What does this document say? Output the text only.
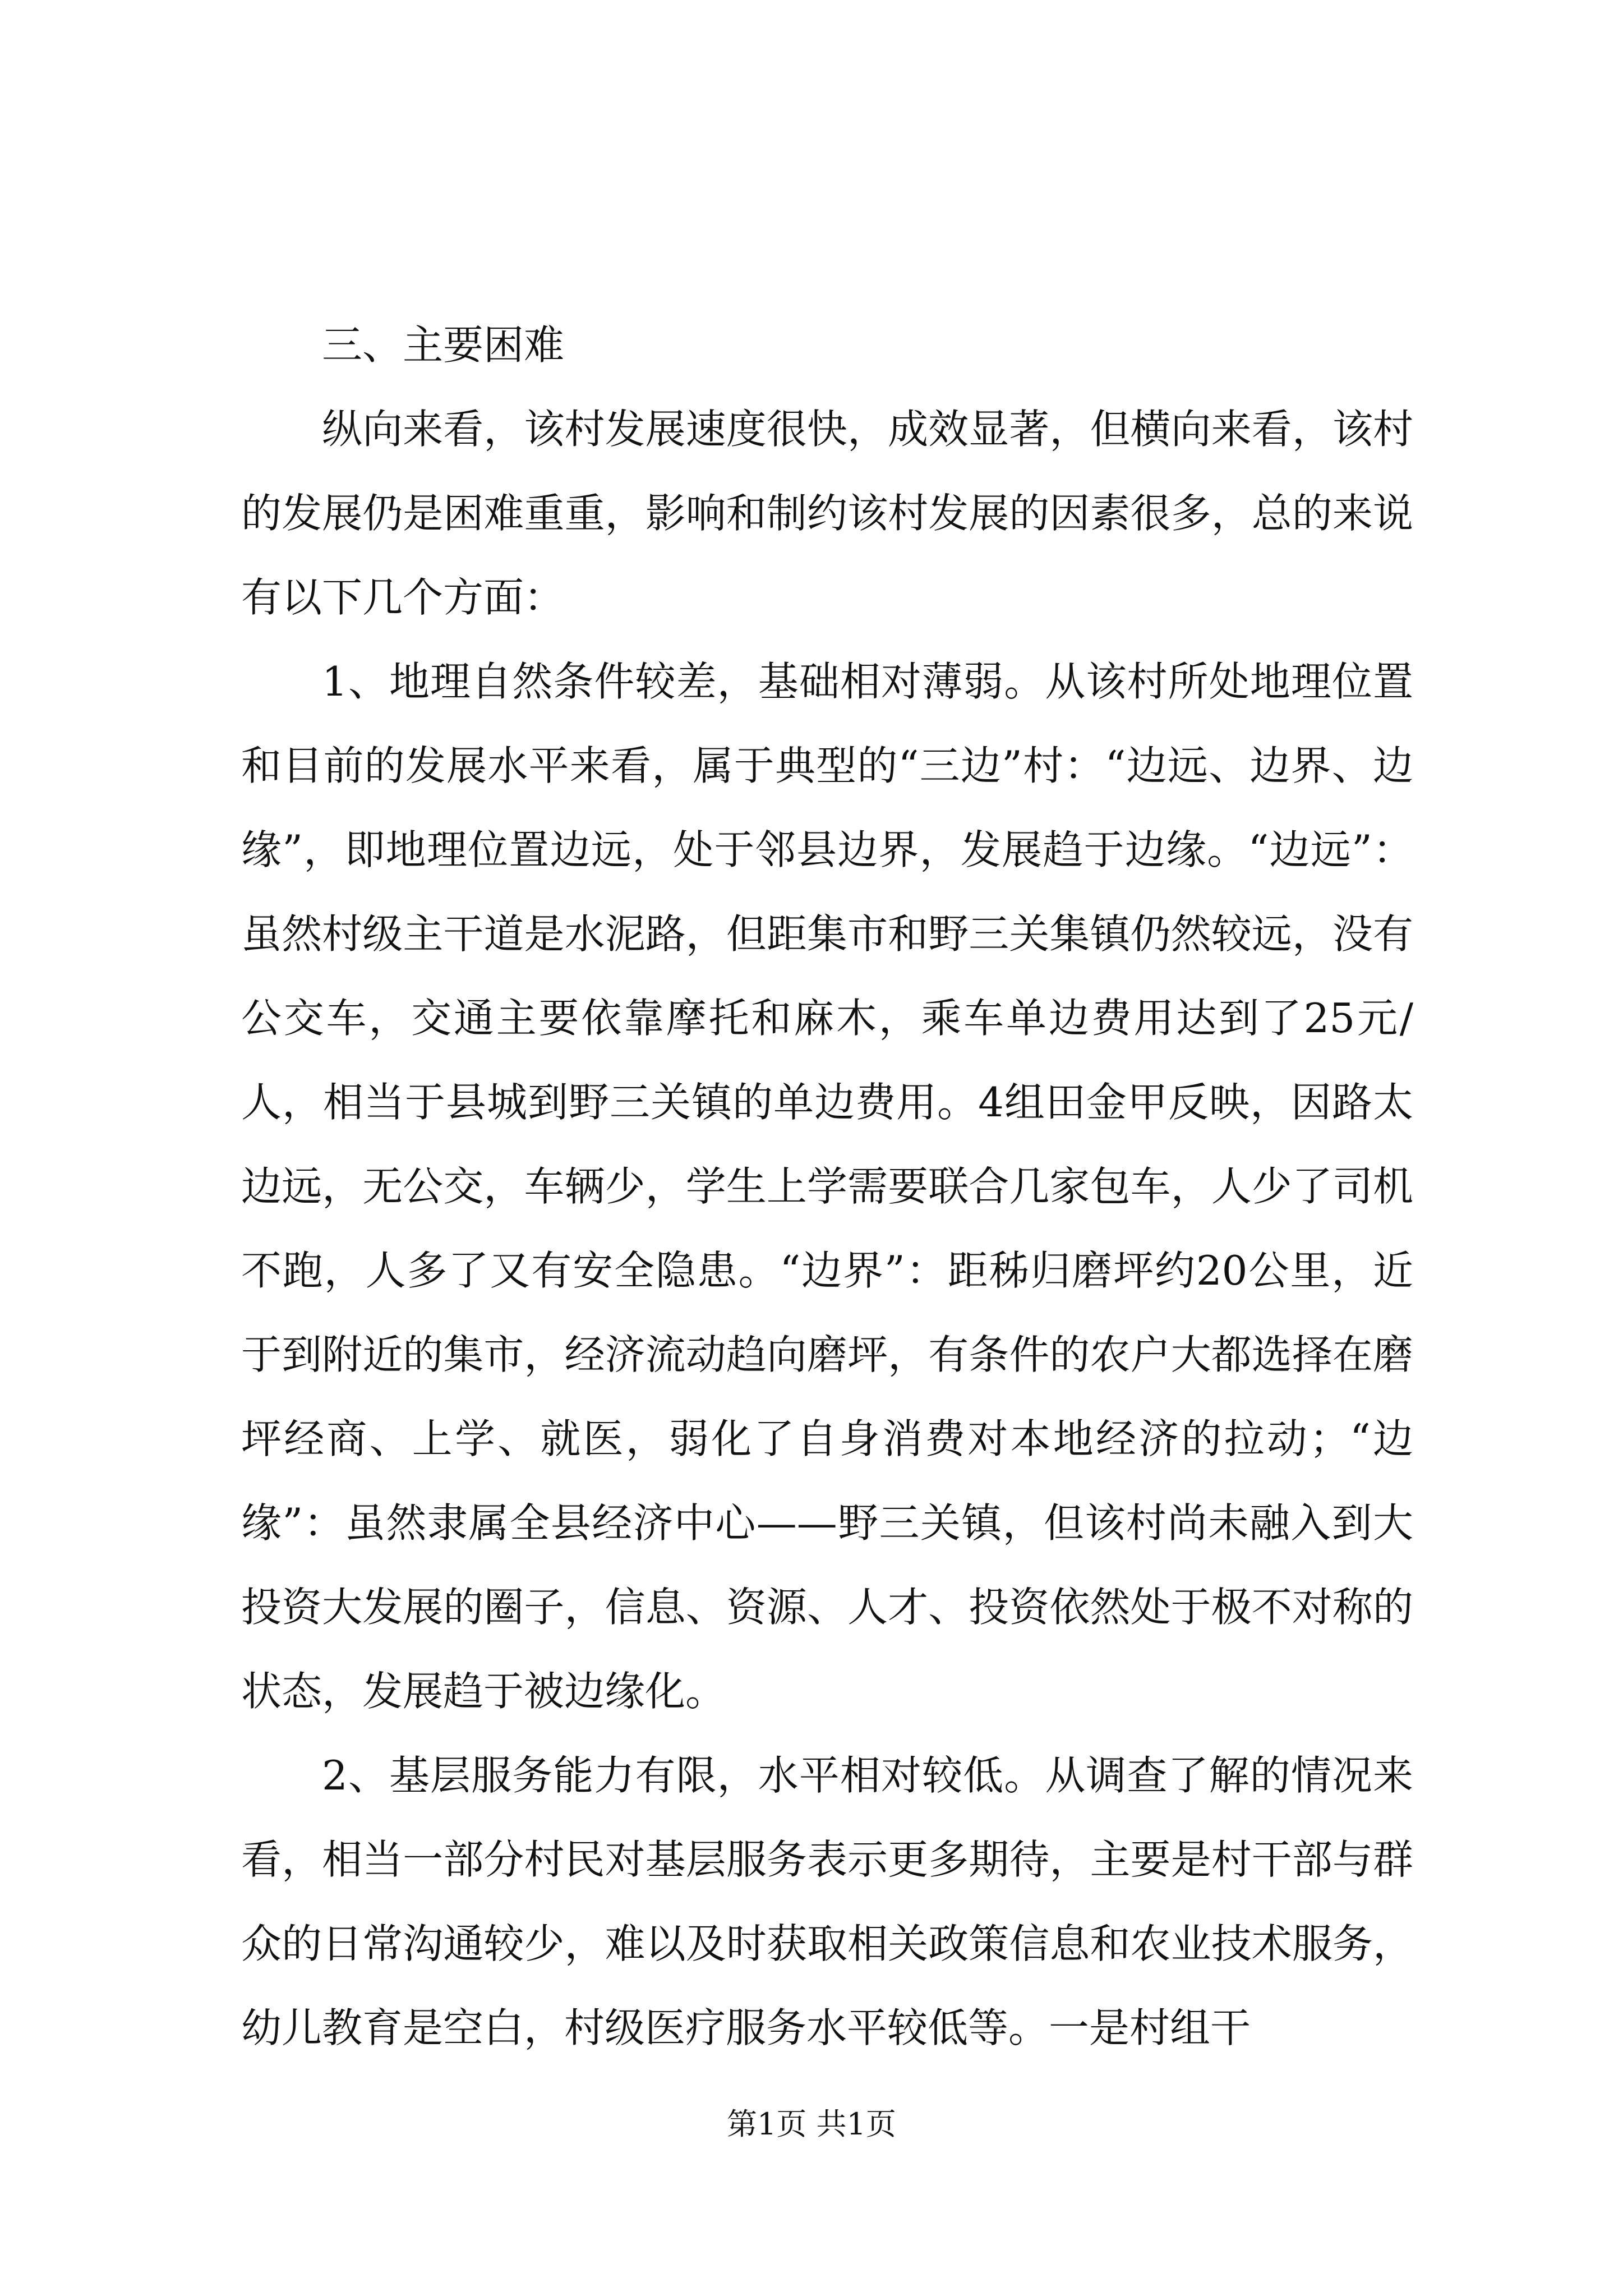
三、主要困难

纵向来看，该村发展速度很快，成效显著，但横向来看，该村的发展仍是困难重重，影响和制约该村发展的因素很多，总的来说有以下几个方面：

1、地理自然条件较差，基础相对薄弱。从该村所处地理位置和目前的发展水平来看，属于典型的“三边”村：“边远、边界、边缘”，即地理位置边远，处于邻县边界，发展趋于边缘。“边远”：虽然村级主干道是水泥路，但距集市和野三关集镇仍然较远，没有公交车，交通主要依靠摩托和麻木，乘车单边费用达到了25元/人，相当于县城到野三关镇的单边费用。4组田金甲反映，因路太边远，无公交，车辆少，学生上学需要联合几家包车，人少了司机不跑，人多了又有安全隐患。“边界”：距秭归磨坪约20公里，近于到附近的集市，经济流动趋向磨坪，有条件的农户大都选择在磨坪经商、上学、就医，弱化了自身消费对本地经济的拉动；“边缘”：虽然隶属全县经济中心——野三关镇，但该村尚未融入到大投资大发展的圈子，信息、资源、人才、投资依然处于极不对称的状态，发展趋于被边缘化。

2、基层服务能力有限，水平相对较低。从调查了解的情况来看，相当一部分村民对基层服务表示更多期待，主要是村干部与群众的日常沟通较少，难以及时获取相关政策信息和农业技术服务，幼儿教育是空白，村级医疗服务水平较低等。一是村组干

第1页 共1页
